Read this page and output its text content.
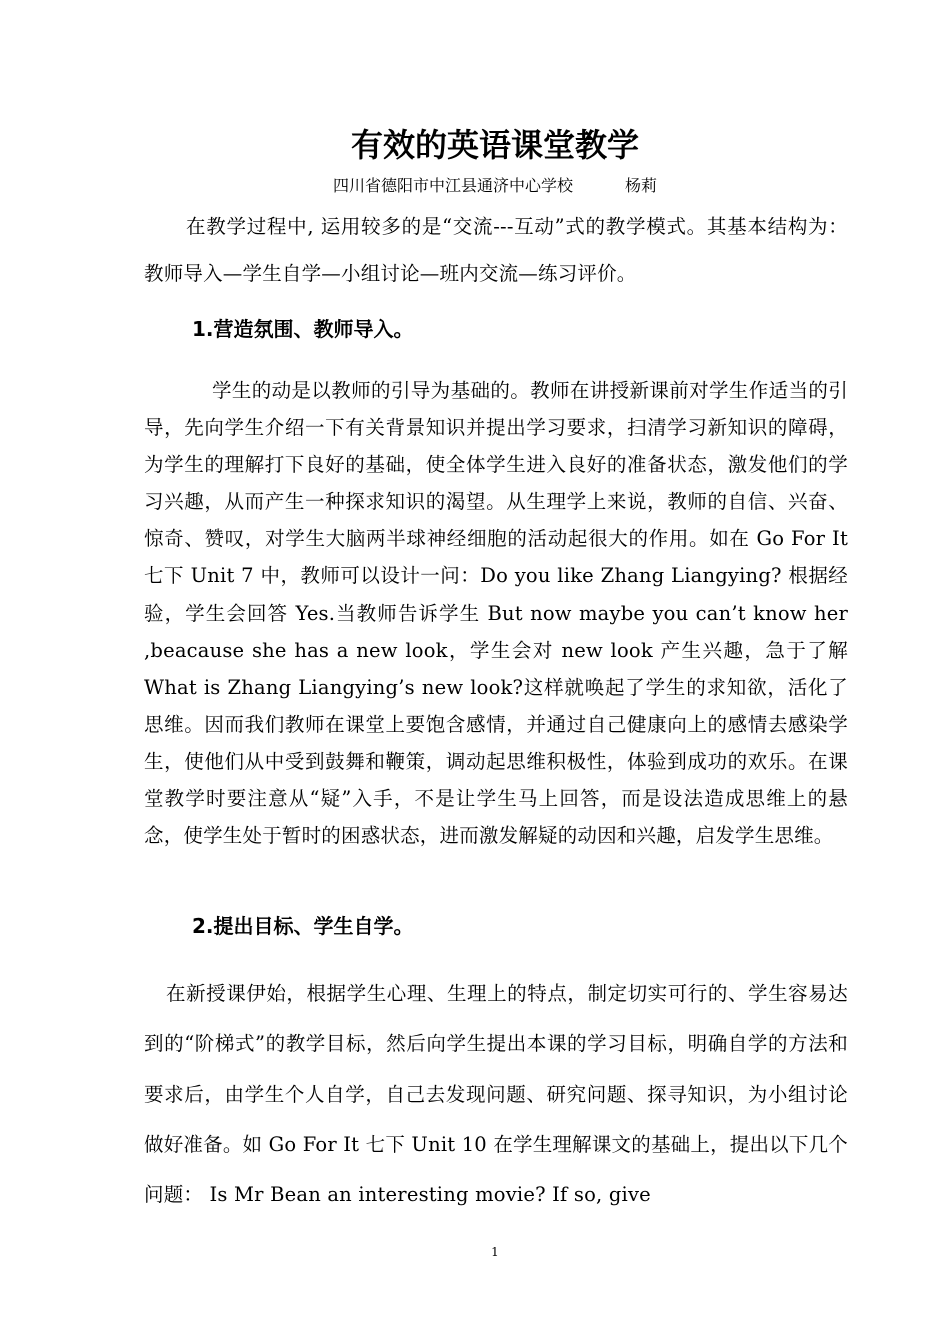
有效的英语课堂教学
四川省德阳市中江县通济中心学校	杨莉

在教学过程中, 运用较多的是“交流---互动”式的教学模式。其基本结构为：教师导入—学生自学—小组讨论—班内交流—练习评价。

1.营造氛围、教师导入。

学生的动是以教师的引导为基础的。教师在讲授新课前对学生作适当的引导，先向学生介绍一下有关背景知识并提出学习要求，扫清学习新知识的障碍，为学生的理解打下良好的基础，使全体学生进入良好的准备状态，激发他们的学习兴趣，从而产生一种探求知识的渴望。从生理学上来说，教师的自信、兴奋、惊奇、赞叹，对学生大脑两半球神经细胞的活动起很大的作用。如在 Go For It 七下 Unit 7 中，教师可以设计一问：Do you like Zhang Liangying? 根据经验，学生会回答 Yes.当教师告诉学生 But now maybe you can’t know her ,beacause she has a new look，学生会对 new look 产生兴趣，急于了解 What is Zhang Liangying’s new look?这样就唤起了学生的求知欲，活化了思维。因而我们教师在课堂上要饱含感情，并通过自己健康向上的感情去感染学生，使他们从中受到鼓舞和鞭策，调动起思维积极性，体验到成功的欢乐。在课堂教学时要注意从“疑”入手，不是让学生马上回答，而是设法造成思维上的悬念，使学生处于暂时的困惑状态，进而激发解疑的动因和兴趣，启发学生思维。

2.提出目标、学生自学。

在新授课伊始，根据学生心理、生理上的特点，制定切实可行的、学生容易达到的“阶梯式”的教学目标，然后向学生提出本课的学习目标，明确自学的方法和要求后，由学生个人自学，自己去发现问题、研究问题、探寻知识，为小组讨论做好准备。如 Go For It 七下 Unit 10 在学生理解课文的基础上，提出以下几个问题： Is Mr Bean an interesting movie? If so, give

1
